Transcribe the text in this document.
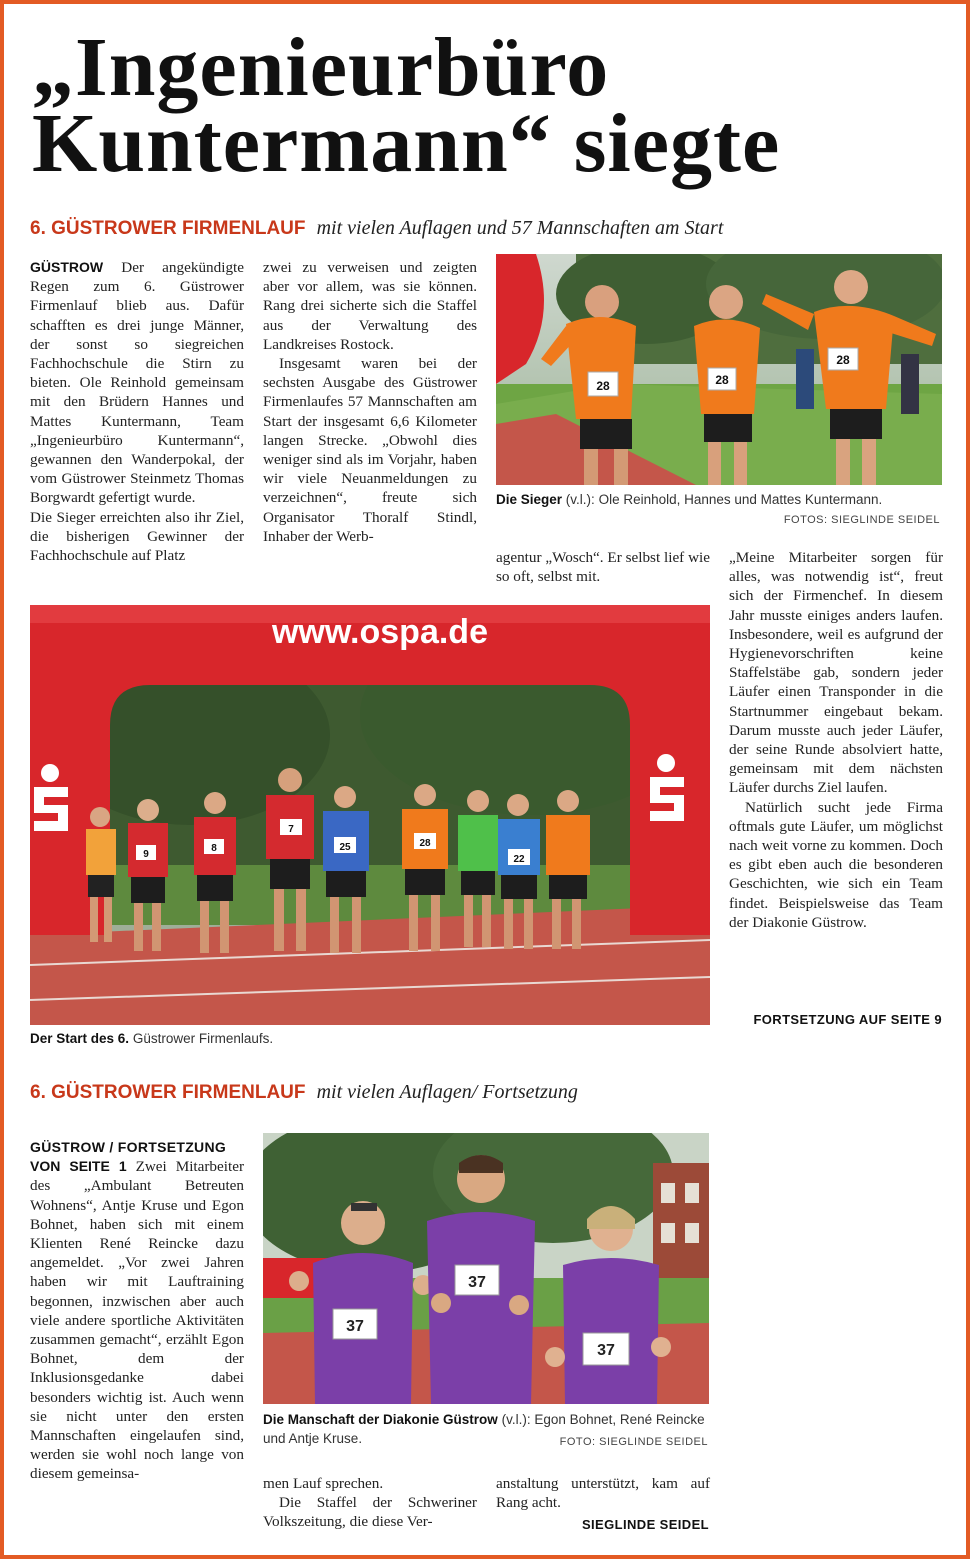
„Ingenieurbüro
Kuntermann“ siegte
6. GÜSTROWER FIRMENLAUF mit vielen Auflagen und 57 Mannschaften am Start

GÜSTROW Der angekündigte Regen zum 6. Güstrower Firmenlauf blieb aus. Dafür schafften es drei junge Männer, der sonst so siegreichen Fachhochschule die Stirn zu bieten. Ole Reinhold gemeinsam mit den Brüdern Hannes und Mattes Kuntermann, Team „Ingenieurbüro Kuntermann“, gewannen den Wanderpokal, der vom Güstrower Steinmetz Thomas Borgwardt gefertigt wurde.

Die Sieger erreichten also ihr Ziel, die bisherigen Gewinner der Fachhochschule auf Platz

zwei zu verweisen und zeigten aber vor allem, was sie können. Rang drei sicherte sich die Staffel aus der Verwaltung des Landkreises Rostock.

Insgesamt waren bei der sechsten Ausgabe des Güstrower Firmenlaufes 57 Mannschaften am Start der insgesamt 6,6 Kilometer langen Strecke. „Obwohl dies weniger sind als im Vorjahr, haben wir viele Neuanmeldungen zu verzeichnen“, freute sich Organisator Thoralf Stindl, Inhaber der Werb-

28	28
28
Die Sieger (v.l.): Ole Reinhold, Hannes und Mattes Kuntermann.
FOTOS: SIEGLINDE SEIDEL

agentur „Wosch“. Er selbst lief wie so oft, selbst mit.

„Meine Mitarbeiter sorgen für alles, was notwendig ist“, freut sich der Firmenchef. In diesem Jahr musste einiges anders laufen. Insbesondere, weil es aufgrund der Hygienevorschriften keine Staffelstäbe gab, sondern jeder Läufer einen Transponder in die Startnummer eingebaut bekam. Darum musste auch jeder Läufer, der seine Runde absolviert hatte, gemeinsam mit dem nächsten Läufer durchs Ziel laufen.

Natürlich sucht jede Firma oftmals gute Läufer, um möglichst nach weit vorne zu kommen. Doch es gibt eben auch die besonderen Geschichten, wie sich ein Team findet. Beispielsweise das Team der Diakonie Güstrow.

www.ospa.de
9
8
7
25	28
22
Der Start des 6. Güstrower Firmenlaufs.
FORTSETZUNG AUF SEITE 9
6. GÜSTROWER FIRMENLAUF mit vielen Auflagen/ Fortsetzung

GÜSTROW / FORTSETZUNG
VON SEITE 1 Zwei Mitarbeiter des „Ambulant Betreuten Wohnens“, Antje Kruse und Egon Bohnet, haben sich mit einem Klienten René Reincke dazu angemeldet. „Vor zwei Jahren haben wir mit Lauftraining begonnen, inzwischen aber auch viele andere sportliche Aktivitäten zusammen gemacht“, erzählt Egon Bohnet, dem der Inklusionsgedanke dabei besonders wichtig ist. Auch wenn sie nicht unter den ersten Mannschaften eingelaufen sind, werden sie wohl noch lange von diesem gemeinsa-

37
37
37
Die Manschaft der Diakonie Güstrow (v.l.): Egon Bohnet, René Reincke und Antje Kruse.	FOTO: SIEGLINDE SEIDEL

men Lauf sprechen.

Die Staffel der Schweriner Volkszeitung, die diese Ver-

anstaltung unterstützt, kam auf Rang acht.

SIEGLINDE SEIDEL
